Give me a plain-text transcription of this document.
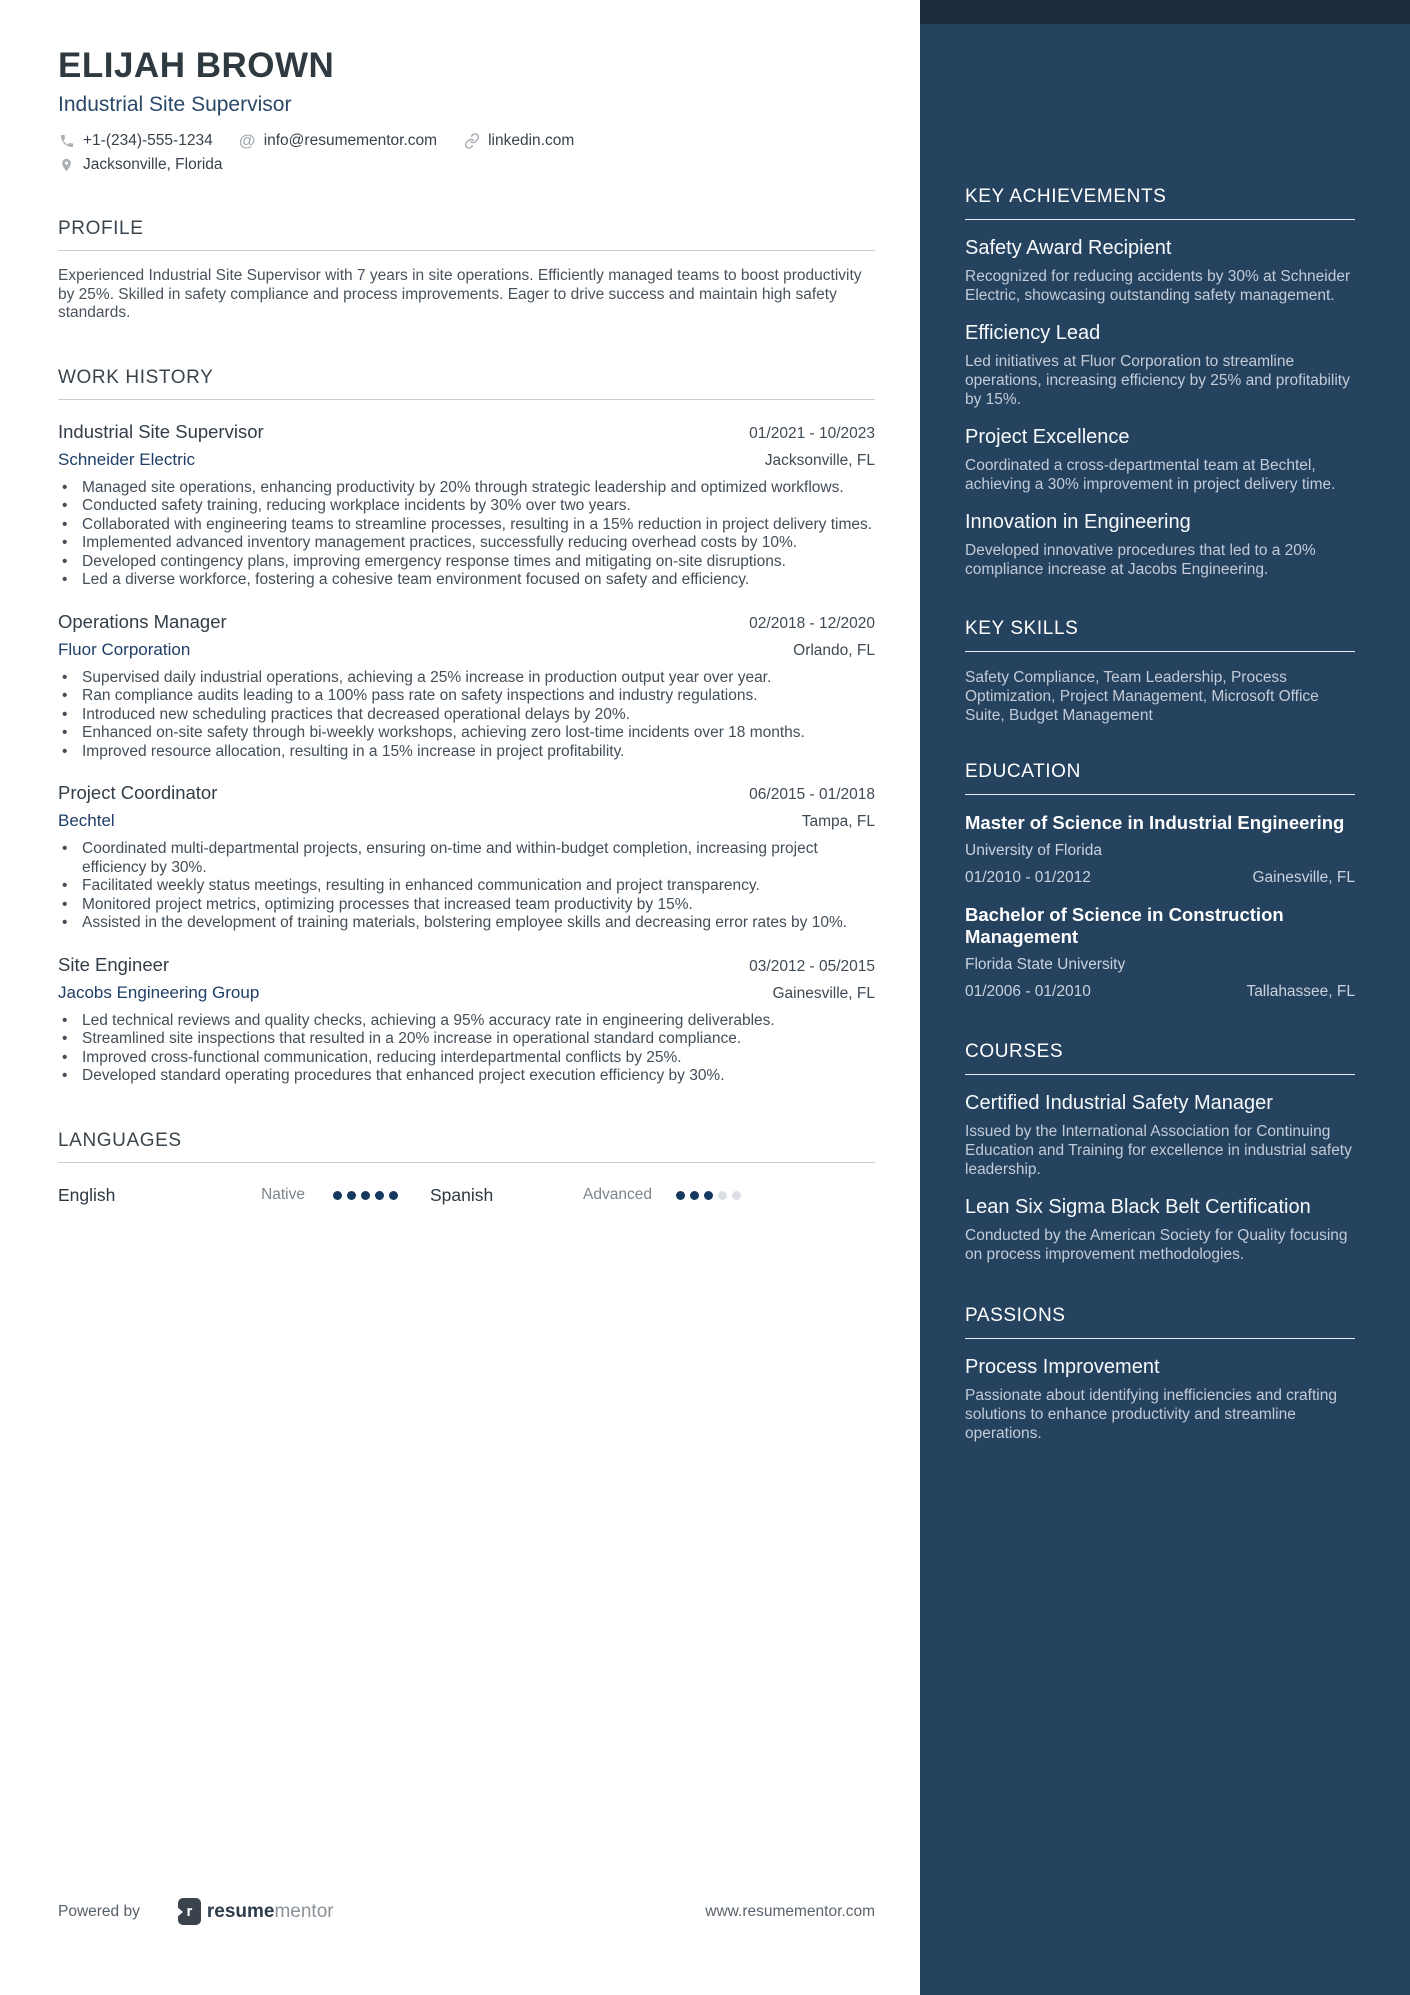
ELIJAH BROWN
Industrial Site Supervisor
+1-(234)-555-1234 @ info@resumementor.com	linkedin.com
Jacksonville, Florida
PROFILE
Experienced Industrial Site Supervisor with 7 years in site operations. Efficiently managed teams to boost productivity by 25%. Skilled in safety compliance and process improvements. Eager to drive success and maintain high safety standards.
WORK HISTORY
Industrial Site Supervisor	01/2021 - 10/2023
Schneider Electric	Jacksonville, FL
• Managed site operations, enhancing productivity by 20% through strategic leadership and optimized workflows.
• Conducted safety training, reducing workplace incidents by 30% over two years.
• Collaborated with engineering teams to streamline processes, resulting in a 15% reduction in project delivery times.
• Implemented advanced inventory management practices, successfully reducing overhead costs by 10%.
• Developed contingency plans, improving emergency response times and mitigating on-site disruptions.
• Led a diverse workforce, fostering a cohesive team environment focused on safety and efficiency.
Operations Manager	02/2018 - 12/2020
Fluor Corporation	Orlando, FL
• Supervised daily industrial operations, achieving a 25% increase in production output year over year.
• Ran compliance audits leading to a 100% pass rate on safety inspections and industry regulations.
• Introduced new scheduling practices that decreased operational delays by 20%.
• Enhanced on-site safety through bi-weekly workshops, achieving zero lost-time incidents over 18 months.
• Improved resource allocation, resulting in a 15% increase in project profitability.
Project Coordinator	06/2015 - 01/2018
Bechtel	Tampa, FL
• Coordinated multi-departmental projects, ensuring on-time and within-budget completion, increasing project efficiency by 30%.
• Facilitated weekly status meetings, resulting in enhanced communication and project transparency.
• Monitored project metrics, optimizing processes that increased team productivity by 15%.
• Assisted in the development of training materials, bolstering employee skills and decreasing error rates by 10%.
Site Engineer	03/2012 - 05/2015
Jacobs Engineering Group	Gainesville, FL
• Led technical reviews and quality checks, achieving a 95% accuracy rate in engineering deliverables.
• Streamlined site inspections that resulted in a 20% increase in operational standard compliance.
• Improved cross-functional communication, reducing interdepartmental conflicts by 25%.
• Developed standard operating procedures that enhanced project execution efficiency by 30%.
LANGUAGES
English	Native	Spanish	Advanced
Powered by	r resumementor	www.resumementor.com
KEY ACHIEVEMENTS
Safety Award Recipient
Recognized for reducing accidents by 30% at Schneider Electric, showcasing outstanding safety management.
Efficiency Lead
Led initiatives at Fluor Corporation to streamline operations, increasing efficiency by 25% and profitability by 15%.
Project Excellence
Coordinated a cross-departmental team at Bechtel, achieving a 30% improvement in project delivery time.
Innovation in Engineering
Developed innovative procedures that led to a 20% compliance increase at Jacobs Engineering.
KEY SKILLS
Safety Compliance, Team Leadership, Process Optimization, Project Management, Microsoft Office Suite, Budget Management
EDUCATION
Master of Science in Industrial Engineering
University of Florida
01/2010 - 01/2012	Gainesville, FL
Bachelor of Science in Construction Management
Florida State University
01/2006 - 01/2010	Tallahassee, FL
COURSES
Certified Industrial Safety Manager
Issued by the International Association for Continuing Education and Training for excellence in industrial safety leadership.
Lean Six Sigma Black Belt Certification
Conducted by the American Society for Quality focusing on process improvement methodologies.
PASSIONS
Process Improvement
Passionate about identifying inefficiencies and crafting solutions to enhance productivity and streamline operations.
